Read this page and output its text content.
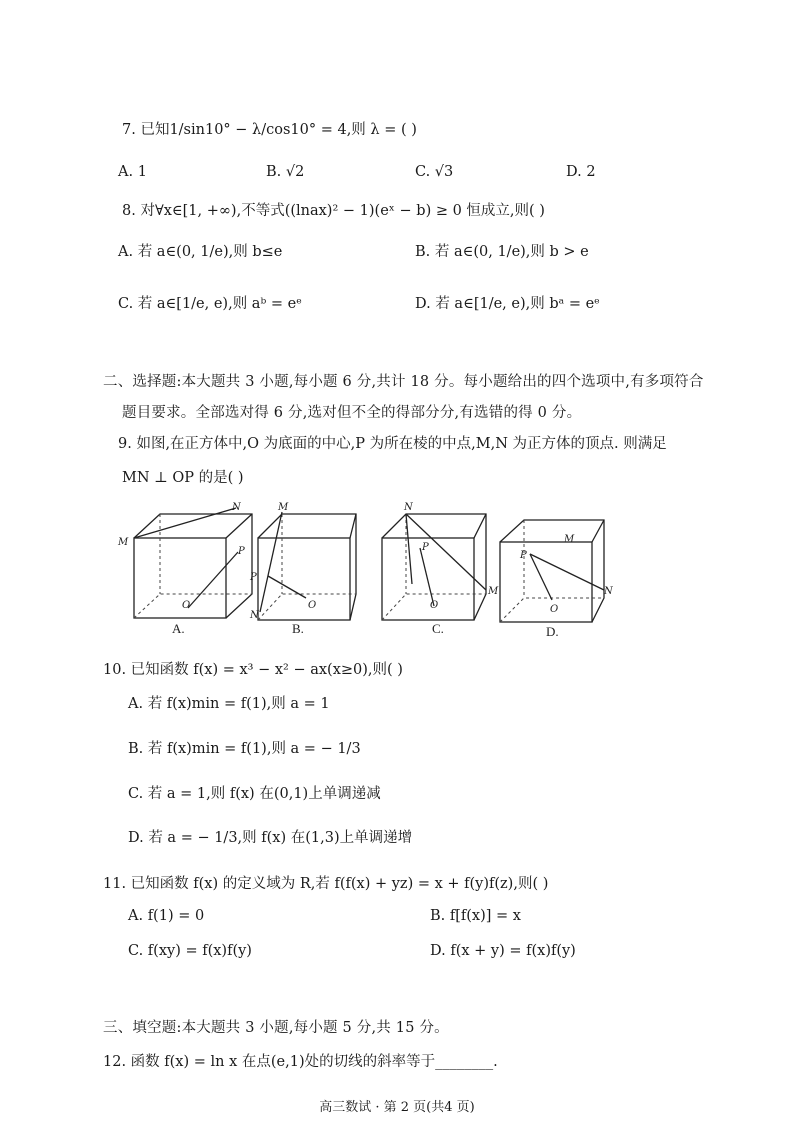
7. 已知1/sin10° − λ/cos10° = 4,则 λ = ( )
A. 1	B. √2	C. √3	D. 2
8. 对∀x∈[1, +∞),不等式((lnax)² − 1)(eˣ − b) ≥ 0 恒成立,则( )
A. 若 a∈(0, 1/e),则 b≤e	B. 若 a∈(0, 1/e),则 b > e
C. 若 a∈[1/e, e),则 aᵇ = eᵉ	D. 若 a∈[1/e, e),则 bᵃ = eᵉ
二、选择题:本大题共 3 小题,每小题 6 分,共计 18 分。每小题给出的四个选项中,有多项符合
题目要求。全部选对得 6 分,选对但不全的得部分分,有选错的得 0 分。
9. 如图,在正方体中,O 为底面的中心,P 为所在棱的中点,M,N 为正方体的顶点. 则满足
MN ⊥ OP 的是( )
M
N
P
O
A.
M
P
N
O
B.
N
P
M
O
C.
M
P
N
O
D.
10. 已知函数 f(x) = x³ − x² − ax(x≥0),则( )
A. 若 f(x)min = f(1),则 a = 1
B. 若 f(x)min = f(1),则 a = − 1/3
C. 若 a = 1,则 f(x) 在(0,1)上单调递减
D. 若 a = − 1/3,则 f(x) 在(1,3)上单调递增
11. 已知函数 f(x) 的定义域为 R,若 f(f(x) + yz) = x + f(y)f(z),则( )
A. f(1) = 0	B. f[f(x)] = x
C. f(xy) = f(x)f(y)	D. f(x + y) = f(x)f(y)
三、填空题:本大题共 3 小题,每小题 5 分,共 15 分。
12. 函数 f(x) = ln x 在点(e,1)处的切线的斜率等于________.
高三数试 · 第 2 页(共4 页)
